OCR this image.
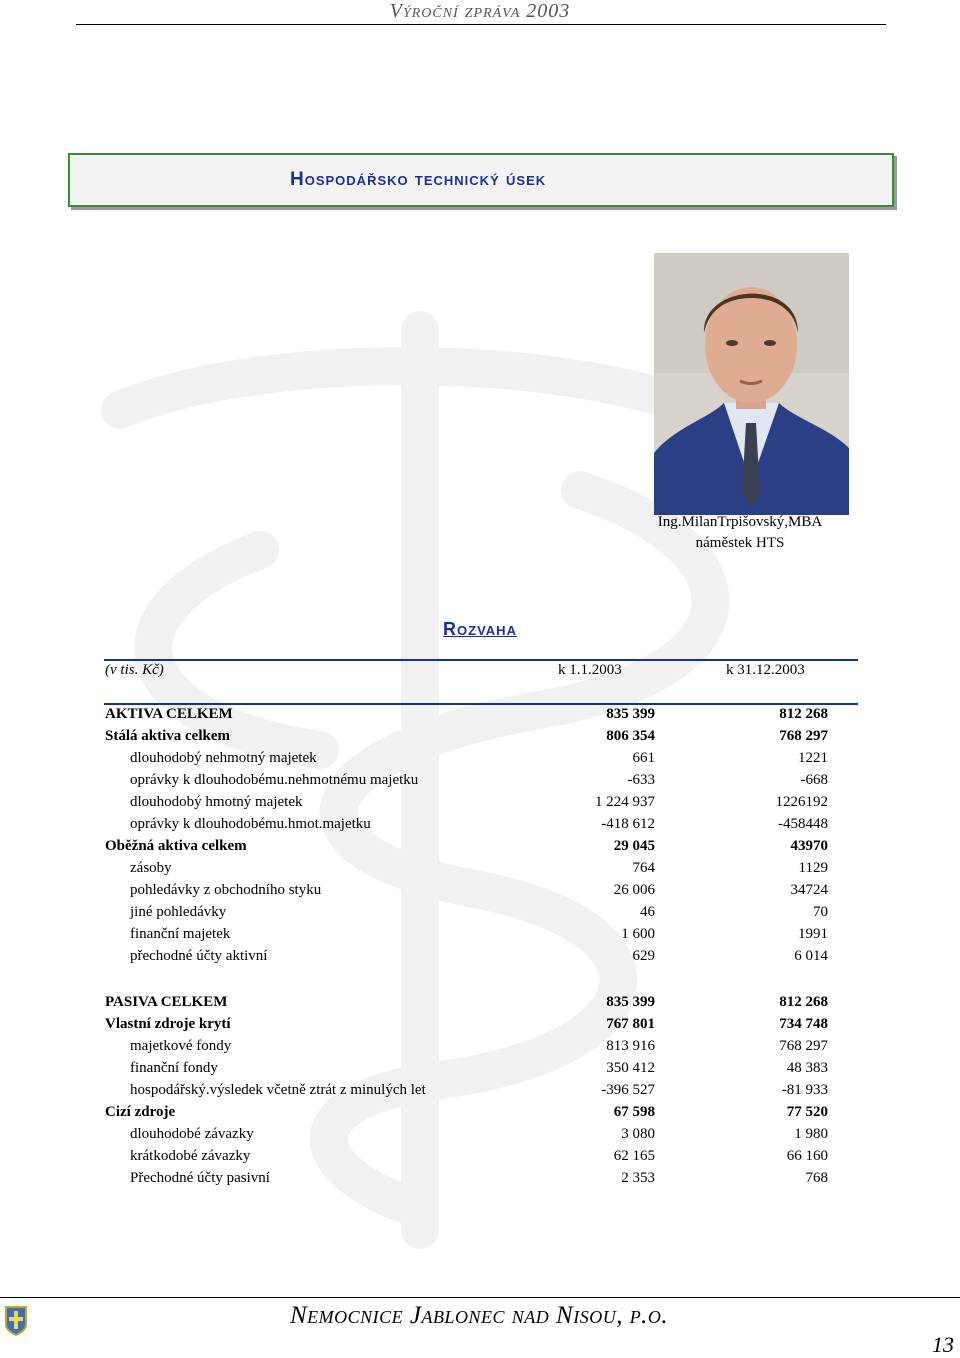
Výroční zpráva 2003
Hospodářsko technický úsek
Ing.MilanTrpišovský,MBA
náměstek HTS
Rozvaha
(v tis. Kč)	k 1.1.2003	k 31.12.2003
AKTIVA CELKEM	835 399	812 268
Stálá aktiva celkem	806 354	768 297
dlouhodobý nehmotný majetek	661	1221
oprávky k dlouhodobému.nehmotnému majetku	-633	-668
dlouhodobý hmotný majetek	1 224 937	1226192
oprávky k dlouhodobému.hmot.majetku	-418 612	-458448
Oběžná aktiva celkem	29 045	43970
zásoby	764	1129
pohledávky z obchodního styku	26 006	34724
jiné pohledávky	46	70
finanční majetek	1 600	1991
přechodné účty aktivní	629	6 014
PASIVA CELKEM	835 399	812 268
Vlastní zdroje krytí	767 801	734 748
majetkové fondy	813 916	768 297
finanční fondy	350 412	48 383
hospodářský.výsledek včetně ztrát z minulých let	-396 527	-81 933
Cizí zdroje	67 598	77 520
dlouhodobé závazky	3 080	1 980
krátkodobé závazky	62 165	66 160
Přechodné účty pasivní	2 353	768
Nemocnice Jablonec nad Nisou, p.o.
13
